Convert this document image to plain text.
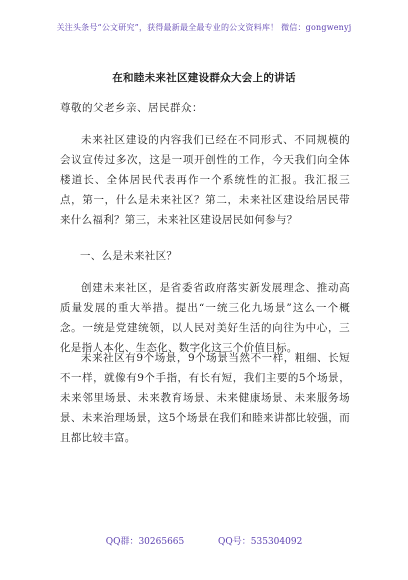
关注头条号“公文研究”，获得最新最全最专业的公文资料库！ 微信：gongwenyj
在和睦未来社区建设群众大会上的讲话
尊敬的父老乡亲、居民群众：
未来社区建设的内容我们已经在不同形式、不同规模的会议宣传过多次，这是一项开创性的工作，今天我们向全体楼道长、全体居民代表再作一个系统性的汇报。我汇报三点，第一，什么是未来社区？第二，未来社区建设给居民带来什么福利？第三，未来社区建设居民如何参与？
一、么是未来社区？
创建未来社区，是省委省政府落实新发展理念、推动高质量发展的重大举措。提出“一统三化九场景”这么一个概念。一统是党建统领，以人民对美好生活的向往为中心，三化是指人本化、生态化、数字化这三个价值目标。
未来社区有9个场景，9个场景当然不一样，粗细、长短不一样，就像有9个手指，有长有短，我们主要的5个场景，未来邻里场景、未来教育场景、未来健康场景、未来服务场景、未来治理场景，这5个场景在我们和睦来讲都比较强，而且都比较丰富。
QQ群：30265665	QQ号：535304092
